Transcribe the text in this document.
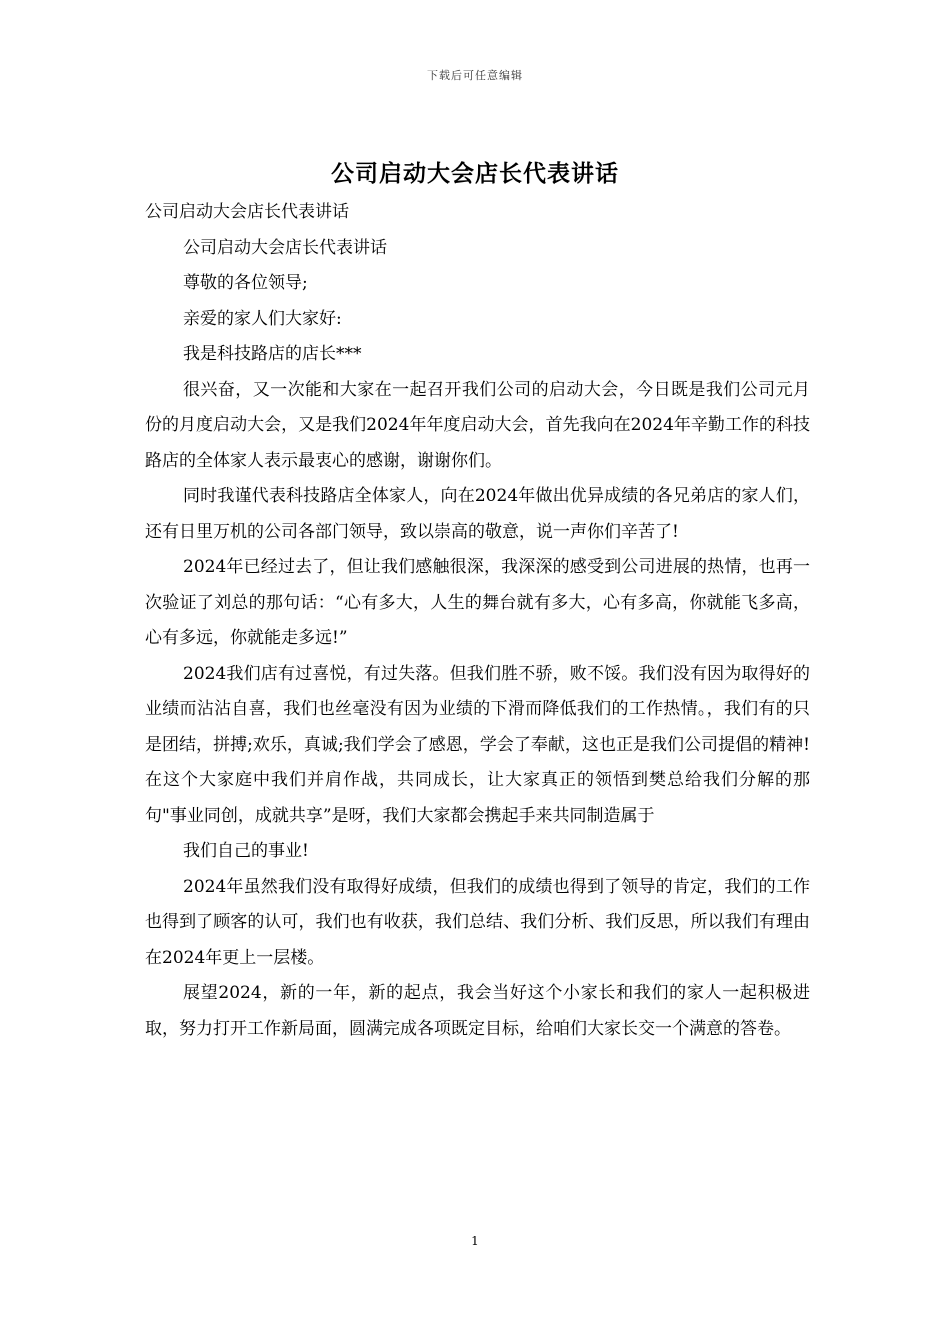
下载后可任意编辑
公司启动大会店长代表讲话

公司启动大会店长代表讲话

公司启动大会店长代表讲话

尊敬的各位领导;

亲爱的家人们大家好:

我是科技路店的店长***

很兴奋，又一次能和大家在一起召开我们公司的启动大会，今日既是我们公司元月份的月度启动大会，又是我们2024年年度启动大会，首先我向在2024年辛勤工作的科技路店的全体家人表示最衷心的感谢，谢谢你们。

同时我谨代表科技路店全体家人，向在2024年做出优异成绩的各兄弟店的家人们，还有日里万机的公司各部门领导，致以崇高的敬意，说一声你们辛苦了!

2024年已经过去了，但让我们感触很深，我深深的感受到公司进展的热情，也再一次验证了刘总的那句话：“心有多大，人生的舞台就有多大，心有多高，你就能飞多高，心有多远，你就能走多远!”

2024我们店有过喜悦，有过失落。但我们胜不骄，败不馁。我们没有因为取得好的业绩而沾沾自喜，我们也丝毫没有因为业绩的下滑而降低我们的工作热情。，我们有的只是团结，拼搏;欢乐，真诚;我们学会了感恩，学会了奉献，这也正是我们公司提倡的精神!在这个大家庭中我们并肩作战，共同成长，让大家真正的领悟到樊总给我们分解的那句"事业同创，成就共享”是呀，我们大家都会携起手来共同制造属于

我们自己的事业!

2024年虽然我们没有取得好成绩，但我们的成绩也得到了领导的肯定，我们的工作也得到了顾客的认可，我们也有收获，我们总结、我们分析、我们反思，所以我们有理由在2024年更上一层楼。

展望2024，新的一年，新的起点，我会当好这个小家长和我们的家人一起积极进取，努力打开工作新局面，圆满完成各项既定目标，给咱们大家长交一个满意的答卷。

1
